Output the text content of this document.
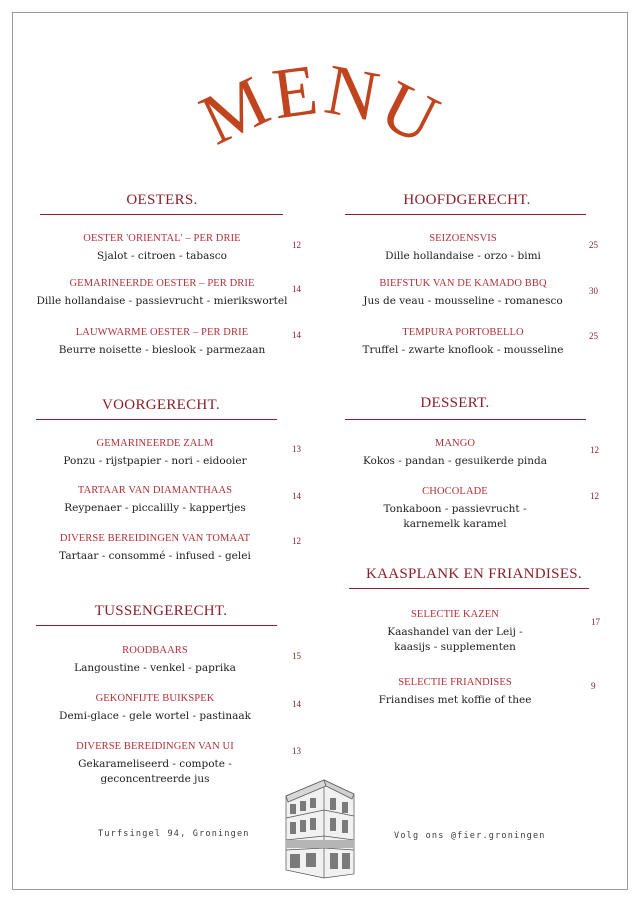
MENU
OESTERS.
OESTER 'ORIENTAL' – PER DRIE
Sjalot - citroen - tabasco
12
GEMARINEERDE OESTER – PER DRIE
Dille hollandaise - passievrucht - mierikswortel
14
LAUWWARME OESTER – PER DRIE
Beurre noisette - bieslook - parmezaan
14
VOORGERECHT.
GEMARINEERDE ZALM
Ponzu - rijstpapier - nori - eidooier
13
TARTAAR VAN DIAMANTHAAS
Reypenaer - piccalilly - kappertjes
14
DIVERSE BEREIDINGEN VAN TOMAAT
Tartaar - consommé - infused - gelei
12
TUSSENGERECHT.
ROODBAARS
Langoustine - venkel - paprika
15
GEKONFIJTE BUIKSPEK
Demi-glace - gele wortel - pastinaak
14
DIVERSE BEREIDINGEN VAN UI
Gekarameliseerd - compote -
geconcentreerde jus
13
HOOFDGERECHT.
SEIZOENSVIS
Dille hollandaise - orzo - bimi
25
BIEFSTUK VAN DE KAMADO BBQ
Jus de veau - mousseline - romanesco
30
TEMPURA PORTOBELLO
Truffel - zwarte knoflook - mousseline
25
DESSERT.
MANGO
Kokos - pandan - gesuikerde pinda
12
CHOCOLADE
Tonkaboon - passievrucht -
karnemelk karamel
12
KAASPLANK EN FRIANDISES.
SELECTIE KAZEN
Kaashandel van der Leij -
kaasijs - supplementen
17
SELECTIE FRIANDISES
Friandises met koffie of thee
9
Turfsingel 94, Groningen	Volg ons @fier.groningen
